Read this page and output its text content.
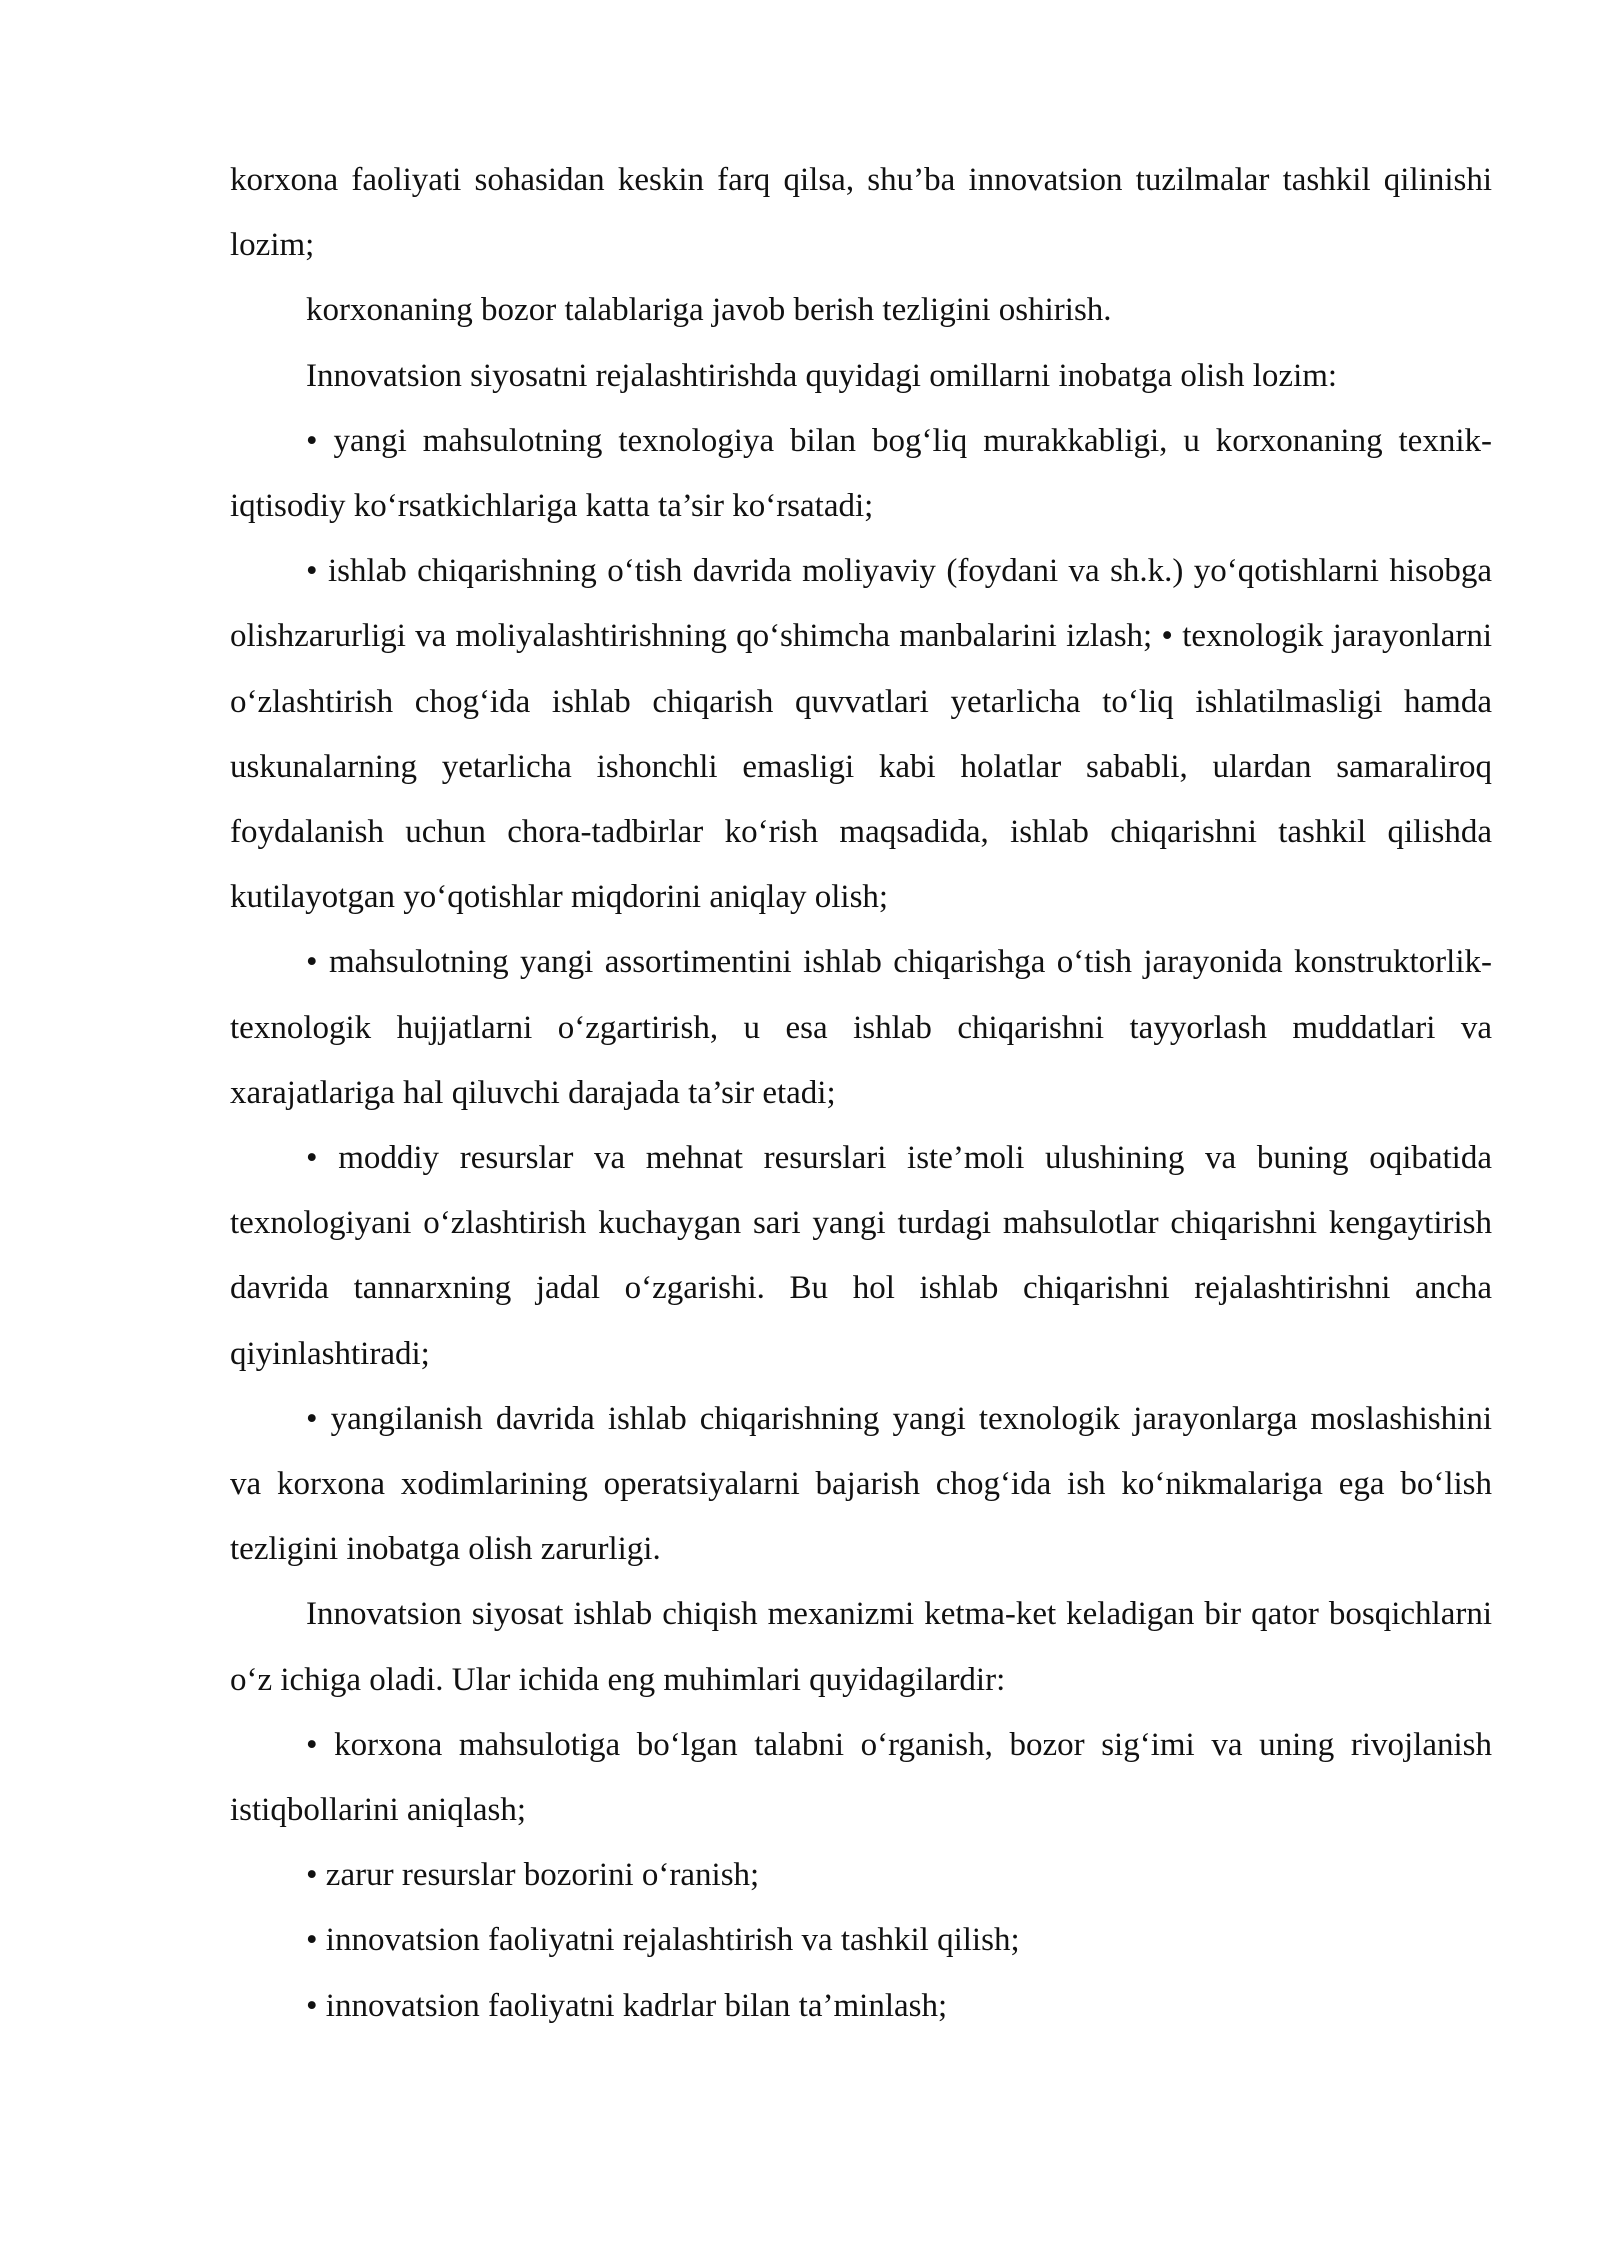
korxona faoliyati sohasidan keskin farq qilsa, shu’ba innovatsion tuzilmalar tashkil qilinishi lozim;

korxonaning bozor talablariga javob berish tezligini oshirish.

Innovatsion siyosatni rejalashtirishda quyidagi omillarni inobatga olish lozim:

• yangi mahsulotning texnologiya bilan bog‘liq murakkabligi, u korxonaning texnik-iqtisodiy ko‘rsatkichlariga katta ta’sir ko‘rsatadi;

• ishlab chiqarishning o‘tish davrida moliyaviy (foydani va sh.k.) yo‘qotishlarni hisobga olishzarurligi va moliyalashtirishning qo‘shimcha manbalarini izlash; • texnologik jarayonlarni o‘zlashtirish chog‘ida ishlab chiqarish quvvatlari yetarlicha to‘liq ishlatilmasligi hamda uskunalarning yetarlicha ishonchli emasligi kabi holatlar sababli, ulardan samaraliroq foydalanish uchun chora-tadbirlar ko‘rish maqsadida, ishlab chiqarishni tashkil qilishda kutilayotgan yo‘qotishlar miqdorini aniqlay olish;

• mahsulotning yangi assortimentini ishlab chiqarishga o‘tish jarayonida konstruktorlik-texnologik hujjatlarni o‘zgartirish, u esa ishlab chiqarishni tayyorlash muddatlari va xarajatlariga hal qiluvchi darajada ta’sir etadi;

• moddiy resurslar va mehnat resurslari iste’moli ulushining va buning oqibatida texnologiyani o‘zlashtirish kuchaygan sari yangi turdagi mahsulotlar chiqarishni kengaytirish davrida tannarxning jadal o‘zgarishi. Bu hol ishlab chiqarishni rejalashtirishni ancha qiyinlashtiradi;

• yangilanish davrida ishlab chiqarishning yangi texnologik jarayonlarga moslashishini va korxona xodimlarining operatsiyalarni bajarish chog‘ida ish ko‘nikmalariga ega bo‘lish tezligini inobatga olish zarurligi.

Innovatsion siyosat ishlab chiqish mexanizmi ketma-ket keladigan bir qator bosqichlarni o‘z ichiga oladi. Ular ichida eng muhimlari quyidagilardir:

• korxona mahsulotiga bo‘lgan talabni o‘rganish, bozor sig‘imi va uning rivojlanish istiqbollarini aniqlash;

• zarur resurslar bozorini o‘ranish;

• innovatsion faoliyatni rejalashtirish va tashkil qilish;

• innovatsion faoliyatni kadrlar bilan ta’minlash;
